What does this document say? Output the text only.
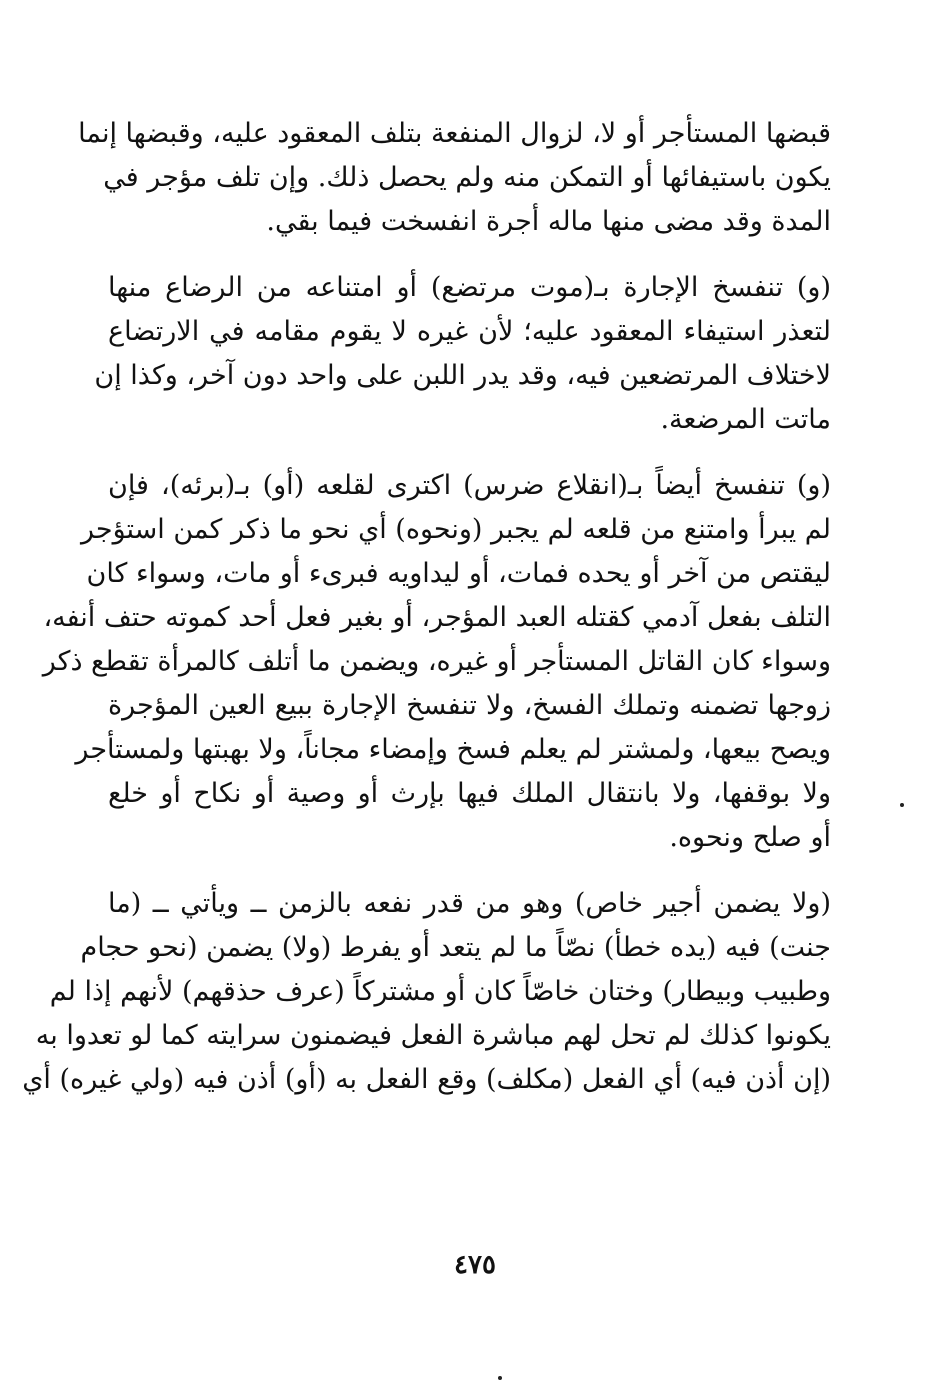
قبضها المستأجر أو لا، لزوال المنفعة بتلف المعقود عليه، وقبضها إنما
يكون باستيفائها أو التمكن منه ولم يحصل ذلك. وإن تلف مؤجر في
المدة وقد مضى منها ماله أجرة انفسخت فيما بقي.
(و) تنفسخ الإجارة بـ(موت مرتضع) أو امتناعه من الرضاع منها
لتعذر استيفاء المعقود عليه؛ لأن غيره لا يقوم مقامه في الارتضاع
لاختلاف المرتضعين فيه، وقد يدر اللبن على واحد دون آخر، وكذا إن
ماتت المرضعة.
(و) تنفسخ أيضاً بـ(انقلاع ضرس) اكترى لقلعه (أو) بـ(برئه)، فإن
لم يبرأ وامتنع من قلعه لم يجبر (ونحوه) أي نحو ما ذكر كمن استؤجر
ليقتص من آخر أو يحده فمات، أو ليداويه فبرىء أو مات، وسواء كان
التلف بفعل آدمي كقتله العبد المؤجر، أو بغير فعل أحد كموته حتف أنفه،
وسواء كان القاتل المستأجر أو غيره، ويضمن ما أتلف كالمرأة تقطع ذكر
زوجها تضمنه وتملك الفسخ، ولا تنفسخ الإجارة ببيع العين المؤجرة
ويصح بيعها، ولمشتر لم يعلم فسخ وإمضاء مجاناً، ولا بهبتها ولمستأجر
ولا بوقفها، ولا بانتقال الملك فيها بإرث أو وصية أو نكاح أو خلع
أو صلح ونحوه.
(ولا يضمن أجير خاص) وهو من قدر نفعه بالزمن ــ ويأتي ــ (ما
جنت) فيه (يده خطأ) نصّاً ما لم يتعد أو يفرط (ولا) يضمن (نحو حجام
وطبيب وبيطار) وختان خاصّاً كان أو مشتركاً (عرف حذقهم) لأنهم إذا لم
يكونوا كذلك لم تحل لهم مباشرة الفعل فيضمنون سرايته كما لو تعدوا به
(إن أذن فيه) أي الفعل (مكلف) وقع الفعل به (أو) أذن فيه (ولي غيره) أي
٤٧٥
